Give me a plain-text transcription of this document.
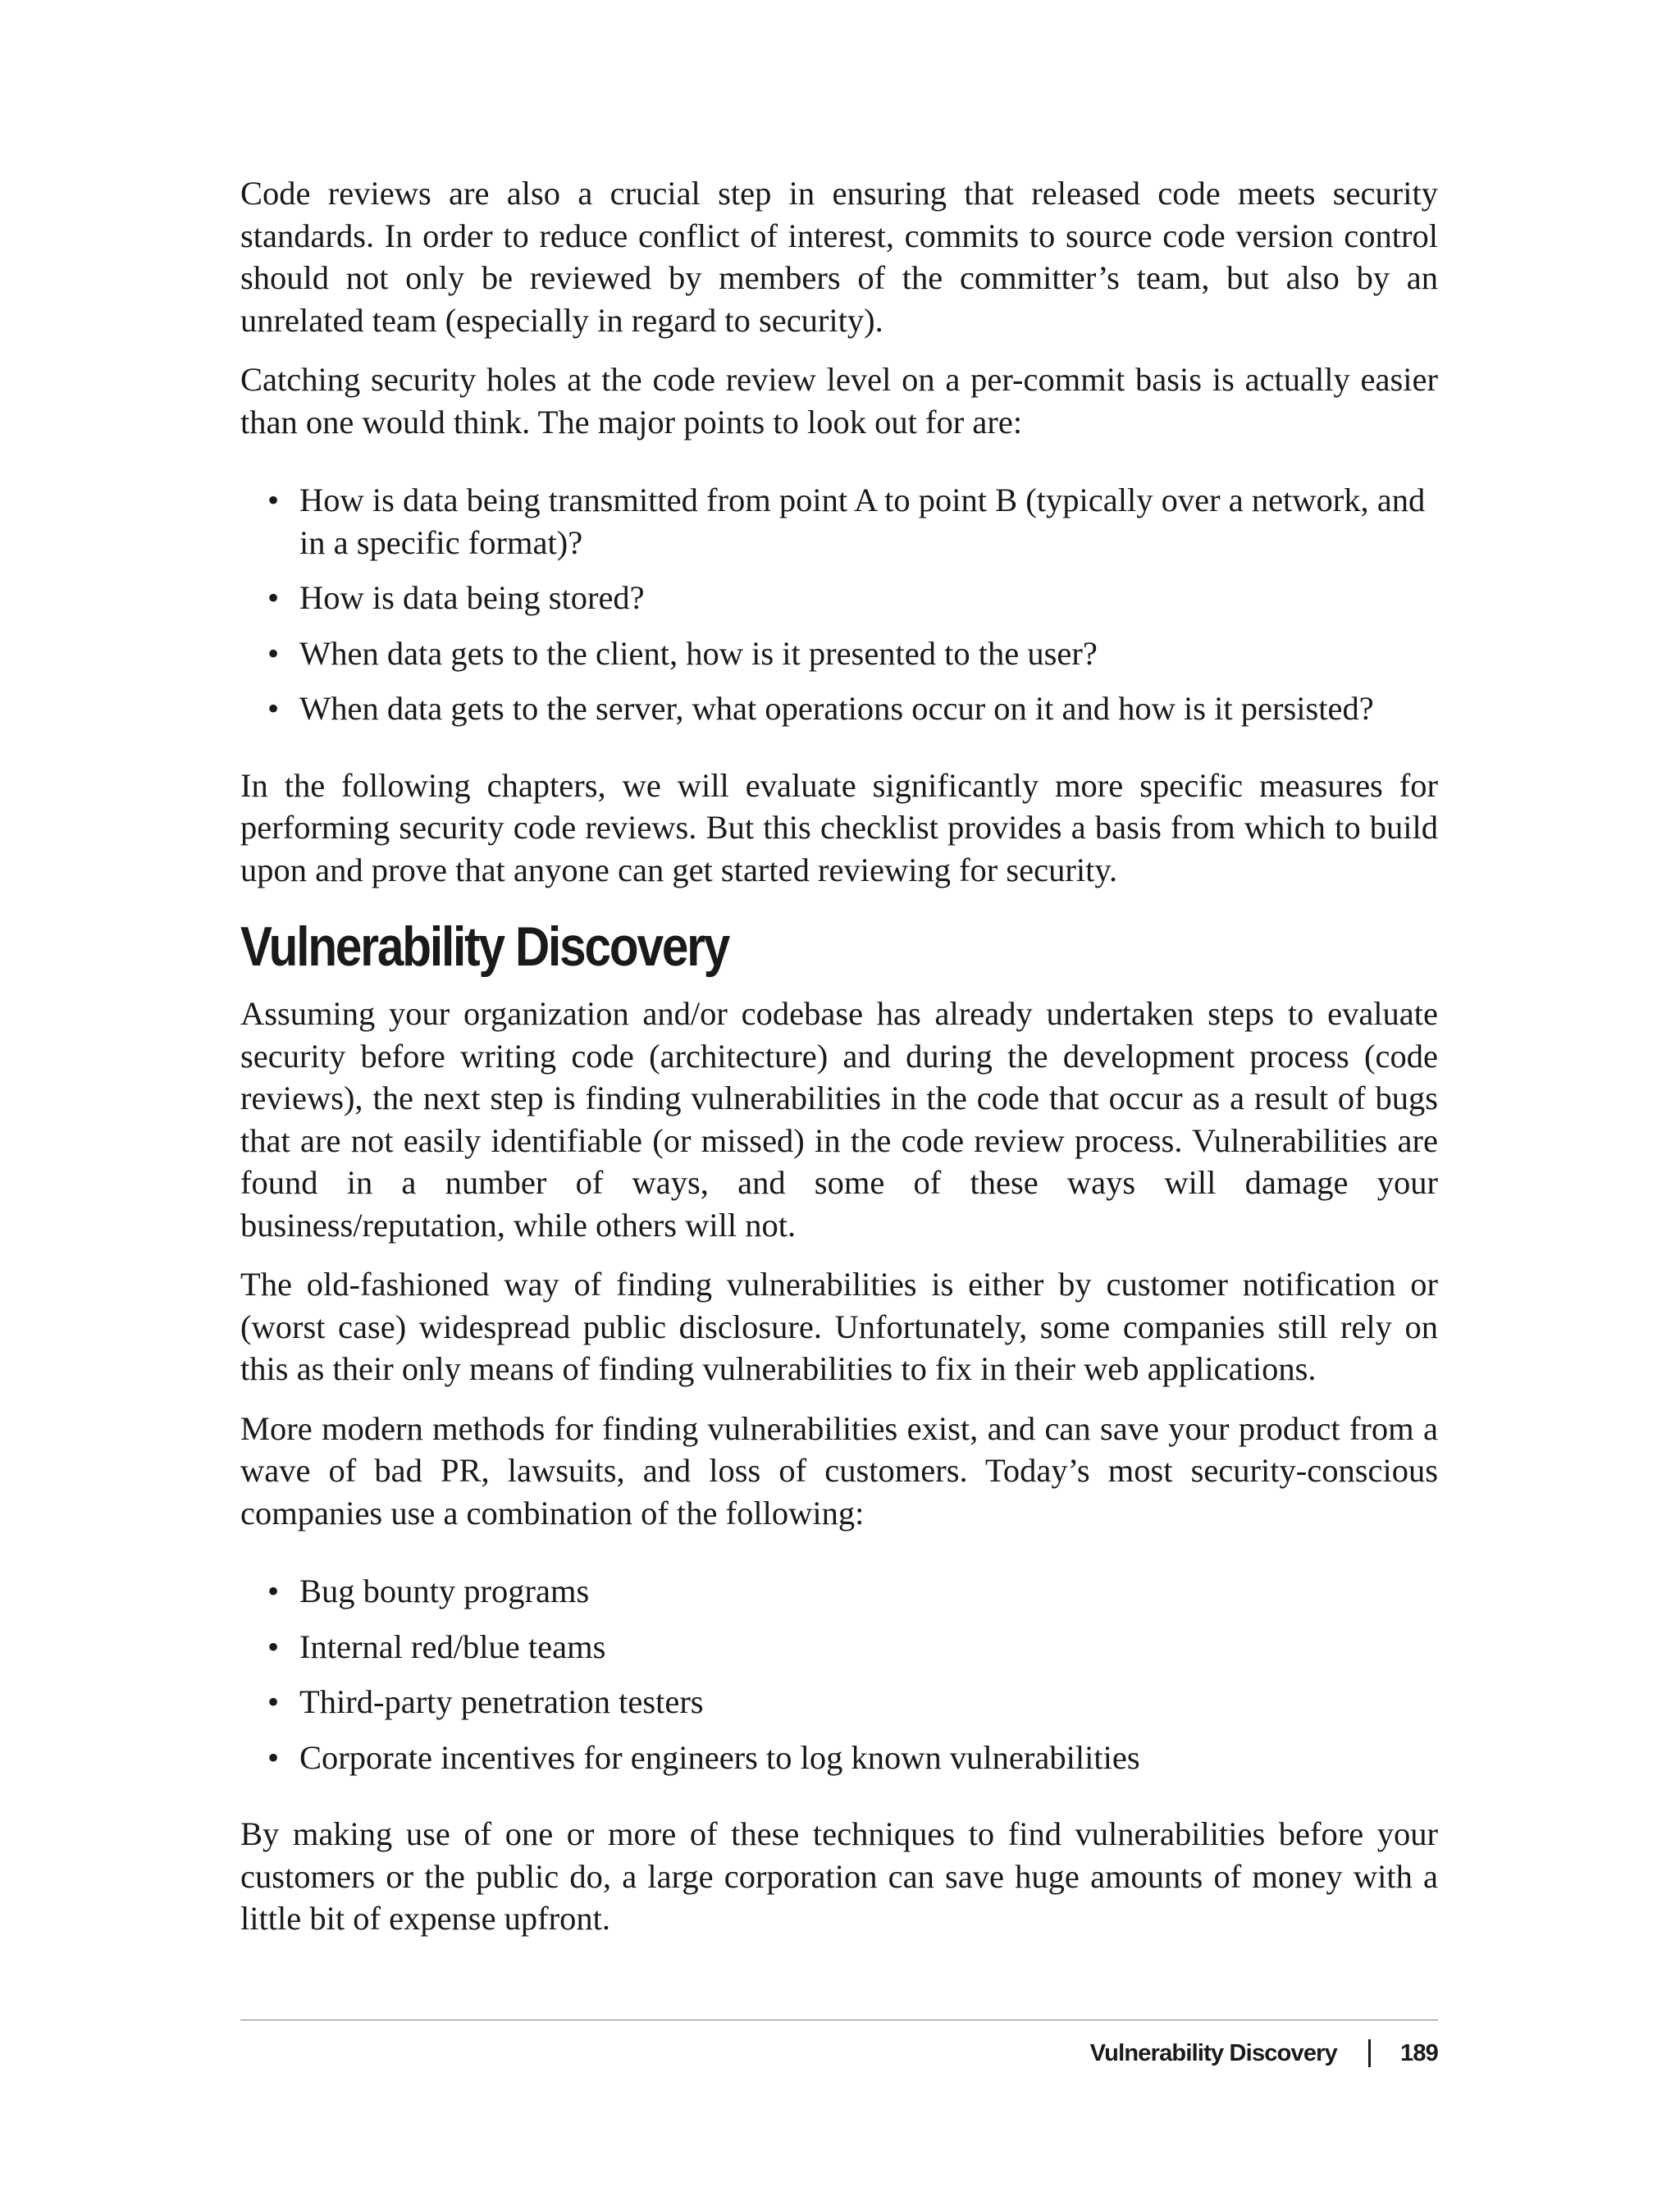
Code reviews are also a crucial step in ensuring that released code meets security standards. In order to reduce conflict of interest, commits to source code version control should not only be reviewed by members of the committer’s team, but also by an unrelated team (especially in regard to security).

Catching security holes at the code review level on a per-commit basis is actually easier than one would think. The major points to look out for are:

• How is data being transmitted from point A to point B (typically over a network, and in a specific format)?
• How is data being stored?
• When data gets to the client, how is it presented to the user?
• When data gets to the server, what operations occur on it and how is it persisted?

In the following chapters, we will evaluate significantly more specific measures for performing security code reviews. But this checklist provides a basis from which to build upon and prove that anyone can get started reviewing for security.

Vulnerability Discovery

Assuming your organization and/or codebase has already undertaken steps to evaluate security before writing code (architecture) and during the development process (code reviews), the next step is finding vulnerabilities in the code that occur as a result of bugs that are not easily identifiable (or missed) in the code review process. Vulnerabilities are found in a number of ways, and some of these ways will damage your business/reputation, while others will not.

The old-fashioned way of finding vulnerabilities is either by customer notification or (worst case) widespread public disclosure. Unfortunately, some companies still rely on this as their only means of finding vulnerabilities to fix in their web applications.

More modern methods for finding vulnerabilities exist, and can save your product from a wave of bad PR, lawsuits, and loss of customers. Today’s most security-conscious companies use a combination of the following:

• Bug bounty programs
• Internal red/blue teams
• Third-party penetration testers
• Corporate incentives for engineers to log known vulnerabilities

By making use of one or more of these techniques to find vulnerabilities before your customers or the public do, a large corporation can save huge amounts of money with a little bit of expense upfront.

Vulnerability Discovery	189
